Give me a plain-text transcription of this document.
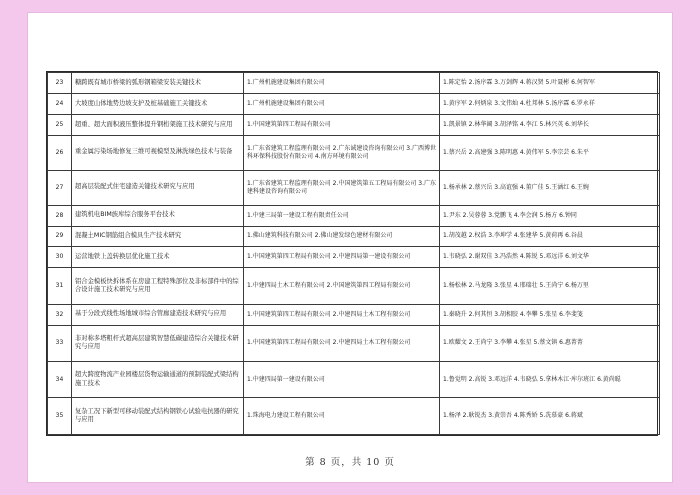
23	糖跨既有城市桥梁的弧形钢箱梁安装关键技术	1.广州机施建设集团有限公司	1.陈定怡 2.汤序霖 3.万剑辉 4.蒋汉贤 5.叶聂彬 6.何智军
24	大坡度山体地势边坡支护及桩基础施工关键技术	1.广州机施建设集团有限公司	1.黄序军 2.何炳泉 3.文伟灿 4.杜邦林 5.汤序霖 6.罗永祥
25	超重、超大面积液压整体提升钢桁架施工技术研究与应用	1.中国建筑第四工程局有限公司	1.凯景镇 2.林华阔 3.胡泽铭 4.李江 5.林兴英 6.刘华长
26	重金属污染场地修复三维可视模型及淋洗绿色技术与装备	1.广东省建筑工程监理有限公司 2.广东诚建设咨询有限公司 3.广西博世科环保科技股份有限公司 4.南方环境有限公司	1.蔡兴岳 2.高建强 3.陈明惠 4.黄伟军 5.李宗芸 6.朱平
27	超高层装配式住宅建造关键技术研究与应用	1.广东省建筑工程监理有限公司 2.中国建筑第五工程局有限公司 3.广东建科建设咨询有限公司	1.杨承林 2.蔡兴岳 3.高谊强 4.董广佳 5.王涵红 6.王婉
28	建筑机电BIM族库综合服务平台技术	1.中建三局第一建设工程有限责任公司	1.尹东 2.吴蓉蓉 3.党鹏飞 4.李会润 5.杨方 6.钟同
29	混凝土MIC钢筋组合模具生产技术研究	1.佛山建筑科技有限公司 2.佛山建发绿色建材有限公司	1.胡茂越 2.权浩 3.李坤学 4.张建华 5.黄荷再 6.谷晨
30	运营地铁上盖转换层优化施工技术	1.中国建筑第四工程局有限公司 2.中建四局第一建设有限公司	1.韦晓弘 2.谢双佳 3.冯浩然 4.陈锐 5.邓远洋 6.刘文华
31	铝合金模板快拆体系在房建工程特殊部位及非标部件中的综合设计施工技术研究与应用	1.中建四局土木工程有限公司 2.中国建筑第四工程局有限公司	1.杨松林 2.马龙隆 3.张星 4.邢瑞壮 5.王尚宁 6.杨万里
32	基于分段式线性场地城市综合管廊建造技术研究与应用	1.中国建筑第四工程局有限公司 2.中建四局土木工程有限公司	1.秦晓升 2.何其恒 3.胡相胶 4.李攀 5.张星 6.李斐笺
33	非对称多塔粗杆式超高层建筑智慧低碳建造综合关键技术研究与应用	1.中国建筑第四工程局有限公司 2.中建四局土木工程有限公司	1.欧耀文 2.王尚宁 3.李攀 4.张星 5.蔡文镇 6.惠菁菁
34	超大跨度物流产业园楼层货物运输通道的预制装配式梁结构施工技术	1.中建四局第一建设有限公司	1.鲁觉明 2.高锐 3.邓远洋 4.韦晓弘 5.拿林木江·库尔班江 6.黄尚聪
35	复杂工况下新型可移动装配式结构钢铁心试验电抗器的研究与应用	1.珠海电力建设工程有限公司	1.杨泽 2.耿锐杰 3.黄崇吾 4.陈秀娇 5.冼慕豪 6.蒋斌
第 8 页，共 10 页
